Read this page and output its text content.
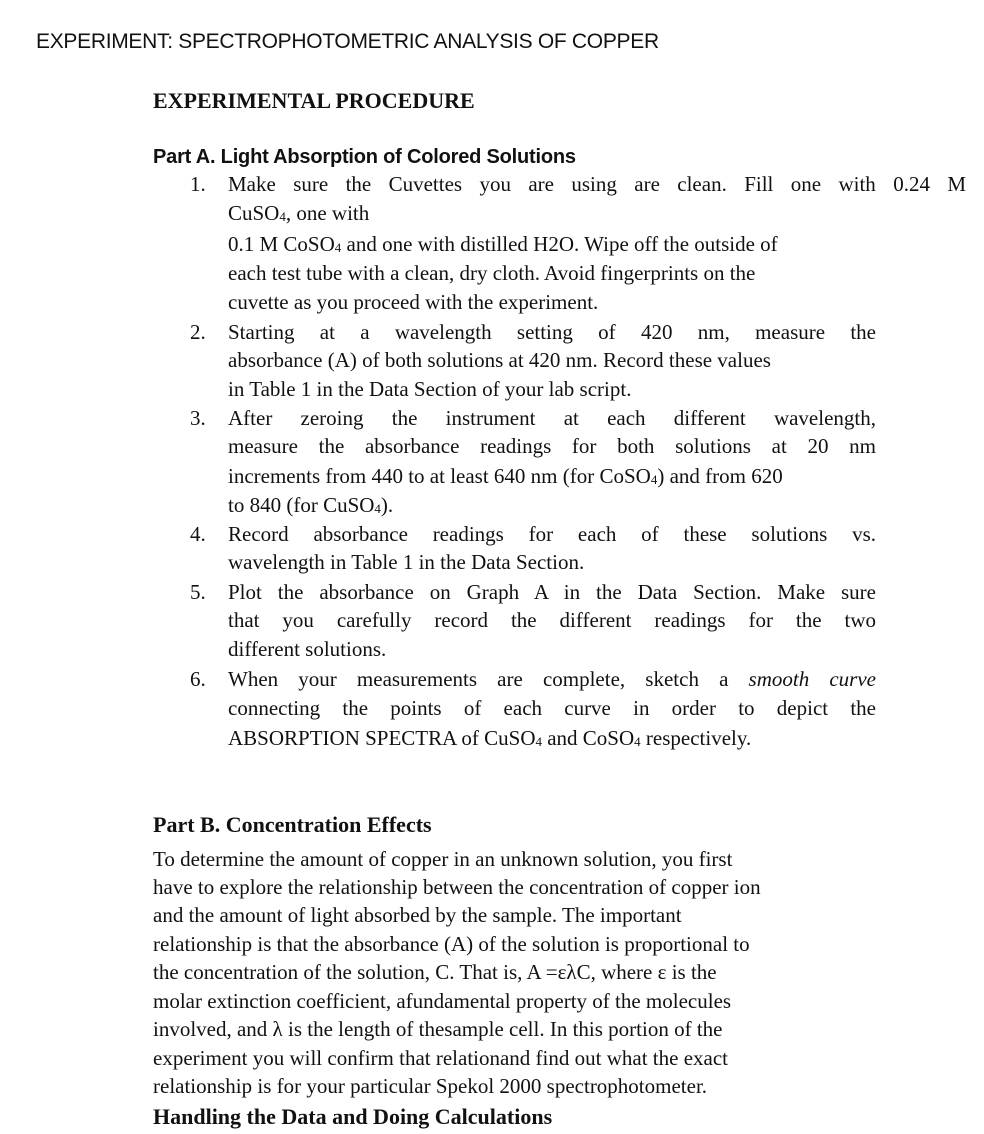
EXPERIMENT: SPECTROPHOTOMETRIC ANALYSIS OF COPPER

EXPERIMENTAL PROCEDURE

Part A. Light Absorption of Colored Solutions

1. Make sure the Cuvettes you are using are clean. Fill one with 0.24 M
CuSO4, one with
0.1 M CoSO4 and one with distilled H2O. Wipe off the outside of
each test tube with a clean, dry cloth. Avoid fingerprints on the
cuvette as you proceed with the experiment.
2. Starting at a wavelength setting of 420 nm, measure the
absorbance (A) of both solutions at 420 nm. Record these values
in Table 1 in the Data Section of your lab script.
3. After zeroing the instrument at each different wavelength,
measure the absorbance readings for both solutions at 20 nm
increments from 440 to at least 640 nm (for CoSO4) and from 620
to 840 (for CuSO4).
4. Record absorbance readings for each of these solutions vs.
wavelength in Table 1 in the Data Section.
5. Plot the absorbance on Graph A in the Data Section. Make sure
that you carefully record the different readings for the two
different solutions.
6. When your measurements are complete, sketch a smooth curve
connecting the points of each curve in order to depict the
ABSORPTION SPECTRA of CuSO4 and CoSO4 respectively.

Part B. Concentration Effects

To determine the amount of copper in an unknown solution, you first
have to explore the relationship between the concentration of copper ion
and the amount of light absorbed by the sample. The important
relationship is that the absorbance (A) of the solution is proportional to
the concentration of the solution, C. That is, A =ελC, where ε is the
molar extinction coefficient, afundamental property of the molecules
involved, and λ is the length of thesample cell. In this portion of the
experiment you will confirm that relationand find out what the exact
relationship is for your particular Spekol 2000 spectrophotometer.

Handling the Data and Doing Calculations
